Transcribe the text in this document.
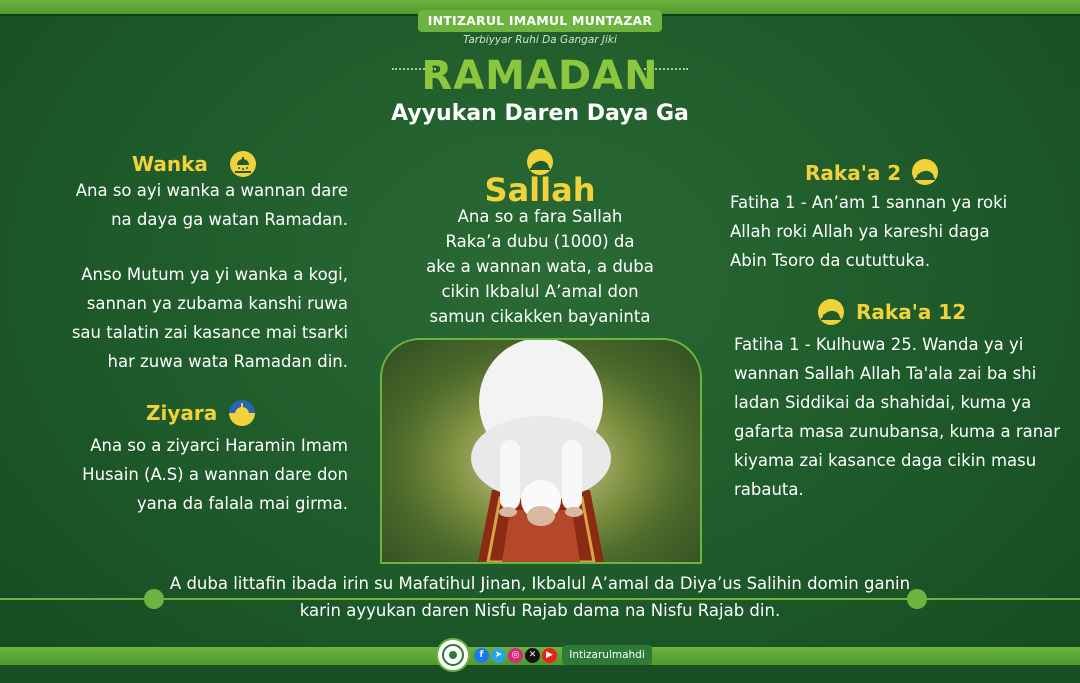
INTIZARUL IMAMUL MUNTAZAR
Tarbiyyar Ruhi Da Gangar Jiki
RAMADAN
Ayyukan Daren Daya Ga
Wanka
Ana so ayi wanka a wannan dare
na daya ga watan Ramadan.
Anso Mutum ya yi wanka a kogi,
sannan ya zubama kanshi ruwa
sau talatin zai kasance mai tsarki
har zuwa wata Ramadan din.
Ziyara
Ana so a ziyarci Haramin Imam
Husain (A.S) a wannan dare don
yana da falala mai girma.
Sallah
Ana so a fara Sallah
Raka’a dubu (1000) da
ake a wannan wata, a duba
cikin Ikbalul A’amal don
samun cikakken bayaninta
Raka'a 2
Fatiha 1 - An’am 1 sannan ya roki
Allah roki Allah ya kareshi daga
Abin Tsoro da cututtuka.
Raka'a 12
Fatiha 1 - Kulhuwa 25. Wanda ya yi
wannan Sallah Allah Ta'ala zai ba shi
ladan Siddikai da shahidai, kuma ya
gafarta masa zunubansa, kuma a ranar
kiyama zai kasance daga cikin masu
rabauta.
A duba littafin ibada irin su Mafatihul Jinan, Ikbalul A’amal da Diya’us Salihin domin ganin karin ayyukan daren Nisfu Rajab dama na Nisfu Rajab din.
f	➤	◎	✕	▶	Intizarulmahdi
